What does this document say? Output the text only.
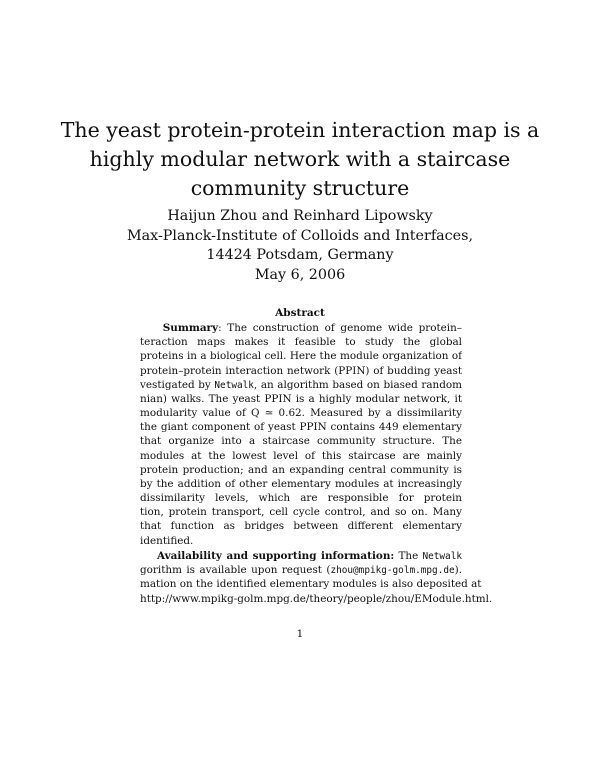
The yeast protein-protein interaction map is a
highly modular network with a staircase
community structure
Haijun Zhou and Reinhard Lipowsky
Max-Planck-Institute of Colloids and Interfaces,
14424 Potsdam, Germany
May 6, 2006
Abstract
Summary: The construction of genome wide protein–
teraction maps makes it feasible to study the global
proteins in a biological cell. Here the module organization of
protein–protein interaction network (PPIN) of budding yeast
vestigated by Netwalk, an algorithm based on biased random
nian) walks. The yeast PPIN is a highly modular network, it
modularity value of Q ≃ 0.62. Measured by a dissimilarity
the giant component of yeast PPIN contains 449 elementary
that organize into a staircase community structure. The
modules at the lowest level of this staircase are mainly
protein production; and an expanding central community is
by the addition of other elementary modules at increasingly
dissimilarity levels, which are responsible for protein
tion, protein transport, cell cycle control, and so on. Many
that function as bridges between different elementary
identified.
Availability and supporting information: The Netwalk
gorithm is available upon request (zhou@mpikg-golm.mpg.de).
mation on the identified elementary modules is also deposited at
http://www.mpikg-golm.mpg.de/theory/people/zhou/EModule.html.
1
